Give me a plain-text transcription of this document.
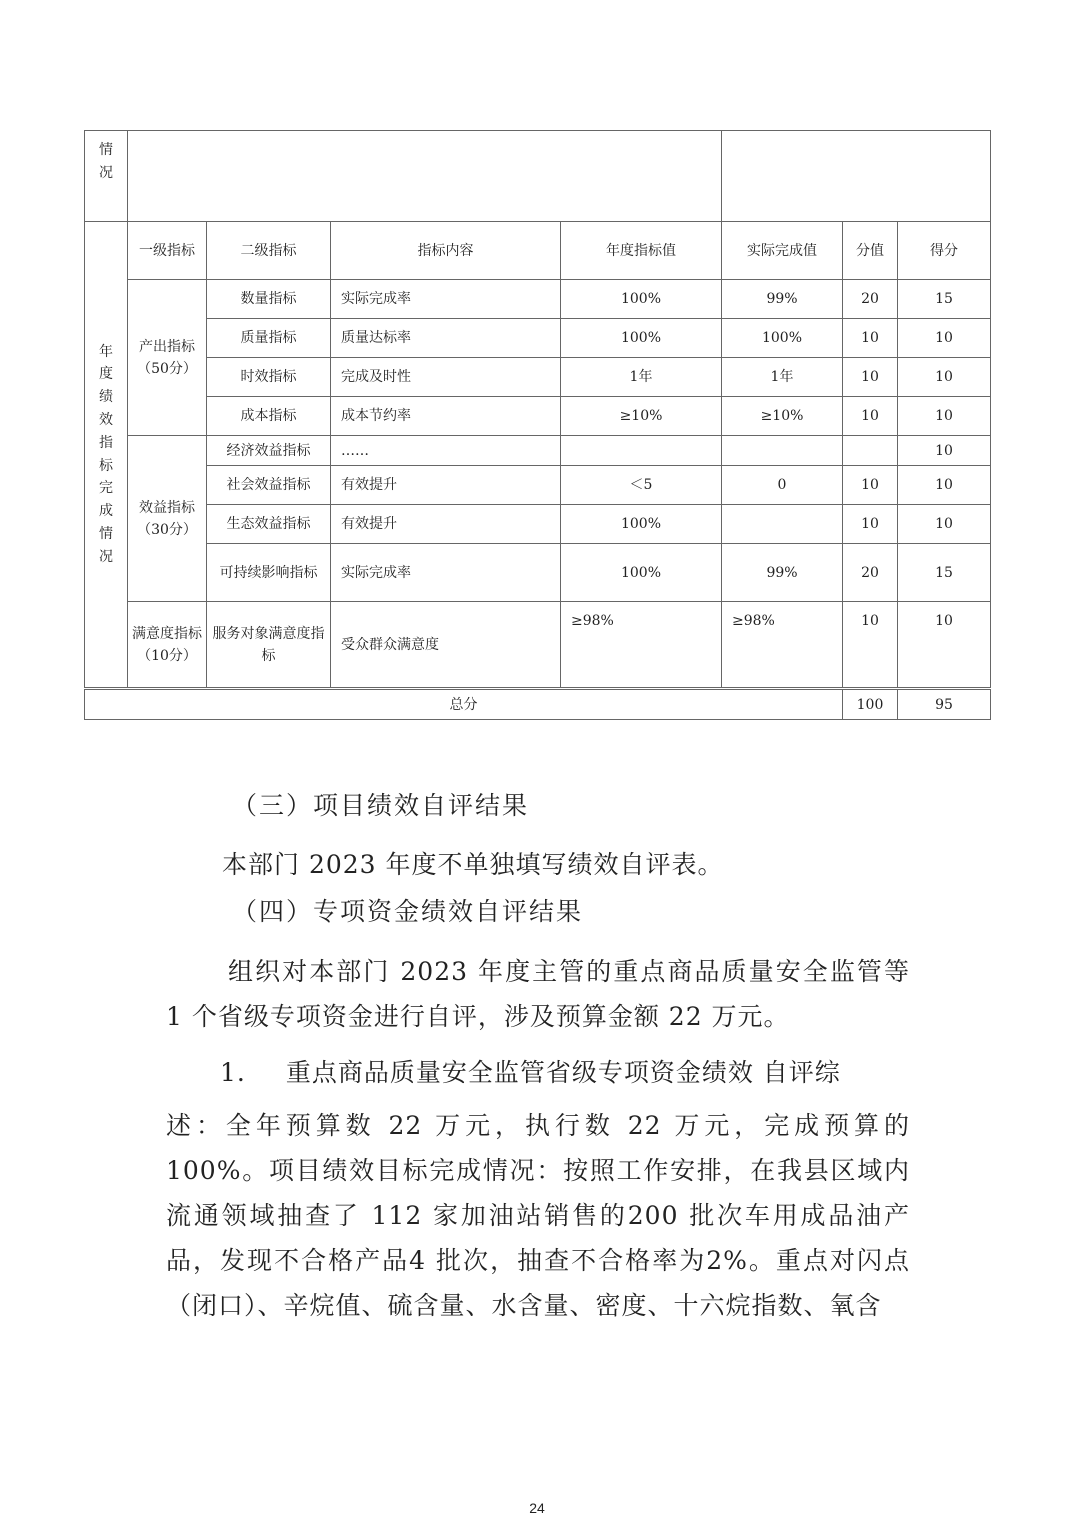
情况							

年度绩效指标完成情况	一级指标	二级指标	指标内容	年度指标值	实际完成值	分值	得分
	产出指标（50分）	数量指标	实际完成率	100%	99%	20	15
		质量指标	质量达标率	100%	100%	10	10
		时效指标	完成及时性	1年	1年	10	10
		成本指标	成本节约率	≥10%	≥10%	10	10
	效益指标（30分）	经济效益指标	……				10
		社会效益指标	有效提升	＜5	0	10	10
		生态效益指标	有效提升	100%		10	10
		可持续影响指标	实际完成率	100%	99%	20	15
	满意度指标（10分）	服务对象满意度指标	受众群众满意度	≥98%	≥98%	10	10
总分	100	95
（三）项目绩效自评结果
本部门 2023 年度不单独填写绩效自评表。
（四）专项资金绩效自评结果
组织对本部门 2023 年度主管的重点商品质量安全监管等 1 个省级专项资金进行自评，涉及预算金额 22 万元。
1. 重点商品质量安全监管省级专项资金绩效 自评综
述：全年预算数 22 万元，执行数 22 万元，完成预算的 100%。项目绩效目标完成情况：按照工作安排，在我县区域内流通领域抽查了 112 家加油站销售的200 批次车用成品油产品，发现不合格产品4 批次，抽查不合格率为2%。重点对闪点（闭口）、辛烷值、硫含量、水含量、密度、十六烷指数、氧含
24
